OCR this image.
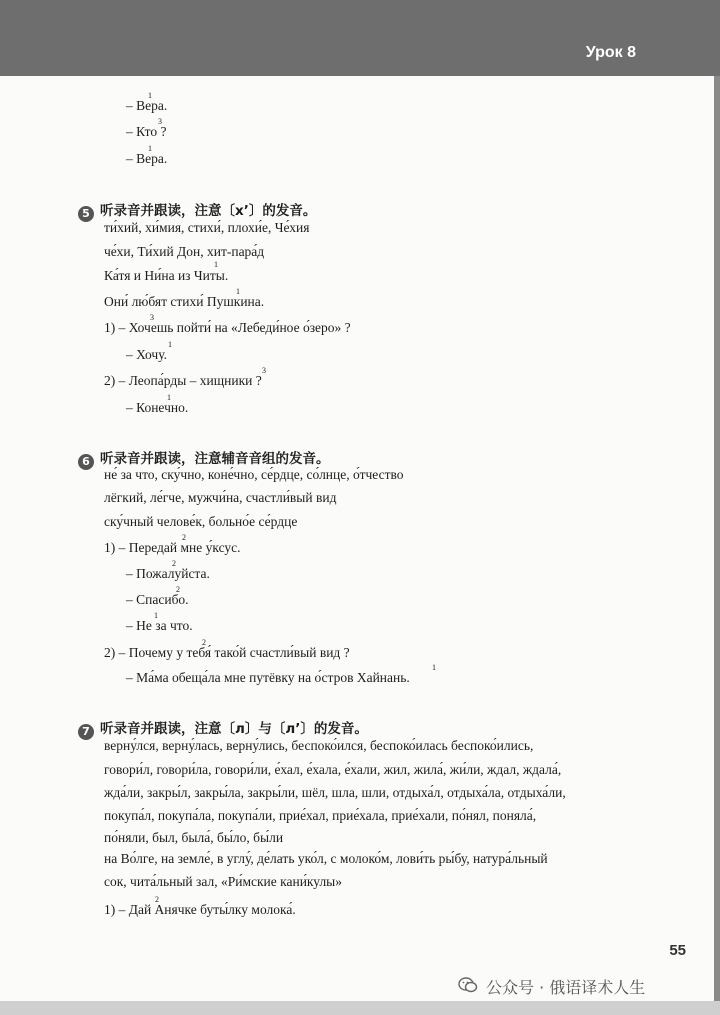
Урок 8
1
– Вера.
3
– Кто ?
1
– Вера.
5 听录音并跟读，注意〔х’〕的发音。
ти́хий, хи́мия, стихи́, плохи́е, Че́хия
че́хи, Ти́хий Дон, хит-пара́д
1
Ка́тя и Ни́на из Читы.
1
Они́ лю́бят стихи́ Пушкина.
3
1) – Хочешь пойти́ на «Лебеди́ное о́зеро» ?
1
– Хочу.
3
2) – Леопа́рды – хищники ?
1
– Конечно.
6 听录音并跟读，注意辅音音组的发音。
не́ за что, ску́чно, коне́чно, се́рдце, со́лнце, о́тчество
лёгкий, ле́гче, мужчи́на, счастли́вый вид
ску́чный челове́к, больно́е се́рдце
2
1) – Передай мне у́ксус.
2
– Пожалуйста.
2
– Спасибо.
1
– Не за что.
2
2) – Почему у тебя́ тако́й счастли́вый вид ?
1
– Ма́ма обеща́ла мне путёвку на о́стров Хайнань.
7 听录音并跟读，注意〔л〕与〔л’〕的发音。
верну́лся, верну́лась, верну́лись, беспоко́ился, беспоко́илась беспоко́ились,
говори́л, говори́ла, говори́ли, е́хал, е́хала, е́хали, жил, жила́, жи́ли, ждал, ждала́,
жда́ли, закры́л, закры́ла, закры́ли, шёл, шла, шли, отдыха́л, отдыха́ла, отдыха́ли,
покупа́л, покупа́ла, покупа́ли, прие́хал, прие́хала, прие́хали, по́нял, поняла́,
по́няли, был, была́, бы́ло, бы́ли
на Во́лге, на земле́, в углу́, де́лать уко́л, с молоко́м, лови́ть ры́бу, натура́льный
сок, чита́льный зал, «Ри́мские кани́кулы»
2
1) – Дай Анячке буты́лку молока́.
55
公众号 · 俄语译术人生
